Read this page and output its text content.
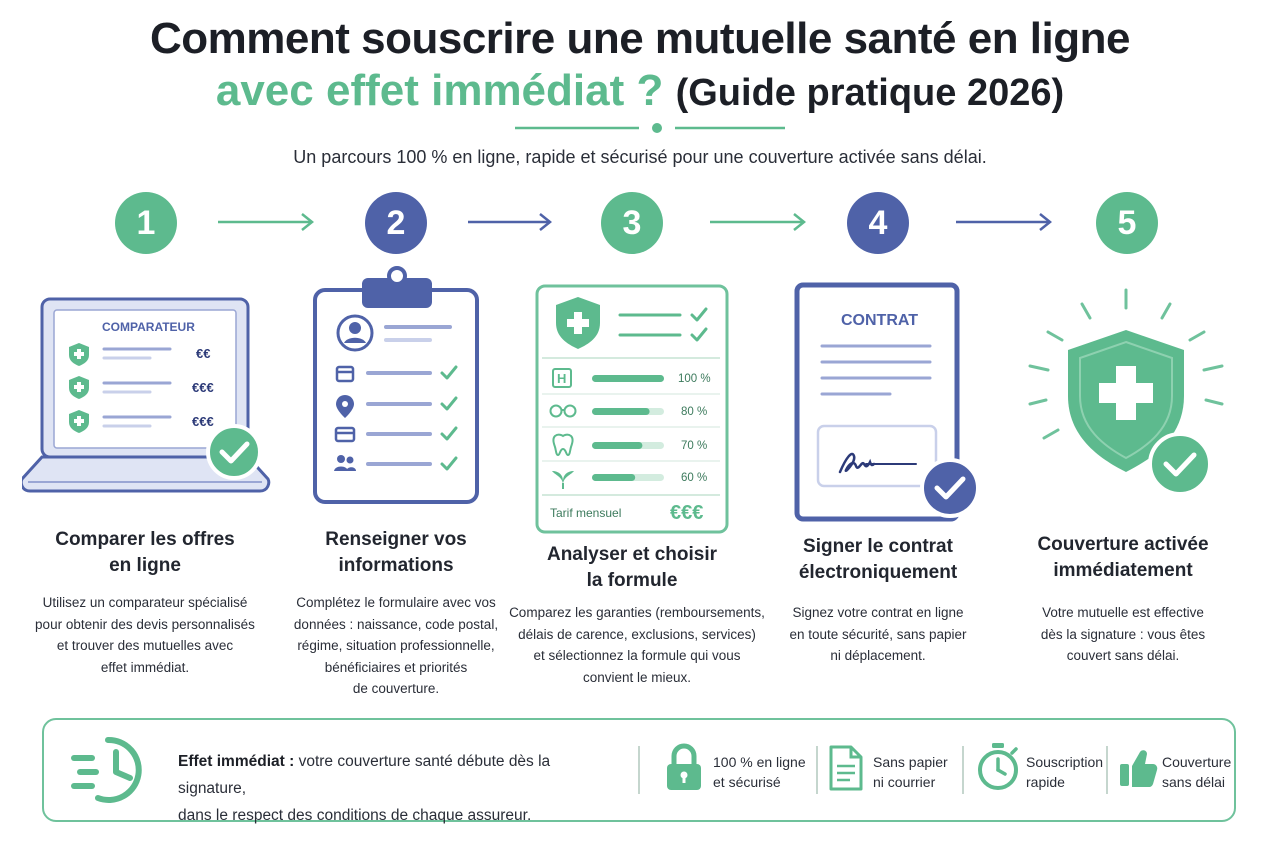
Comment souscrire une mutuelle santé en ligne
avec effet immédiat ? (Guide pratique 2026)
Un parcours 100 % en ligne, rapide et sécurisé pour une couverture activée sans délai.
1	2	3	4	5
COMPARATEUR
€€
€€€
€€€
H	100 %
80 %
70 %
60 %
Tarif mensuel €€€
CONTRAT
Comparer les offres
en ligne
Renseigner vos
informations
Analyser et choisir
la formule
Signer le contrat
électroniquement
Couverture activée
immédiatement
Utilisez un comparateur spécialisé
pour obtenir des devis personnalisés
et trouver des mutuelles avec
effet immédiat.
Complétez le formulaire avec vos
données : naissance, code postal,
régime, situation professionnelle,
bénéficiaires et priorités
de couverture.
Comparez les garanties (remboursements,
délais de carence, exclusions, services)
et sélectionnez la formule qui vous
convient le mieux.
Signez votre contrat en ligne
en toute sécurité, sans papier
ni déplacement.
Votre mutuelle est effective
dès la signature : vous êtes
couvert sans délai.
Effet immédiat : votre couverture santé débute dès la signature,
dans le respect des conditions de chaque assureur.
100 % en ligne
et sécurisé
Sans papier
ni courrier
Souscription
rapide
Couverture
sans délai
